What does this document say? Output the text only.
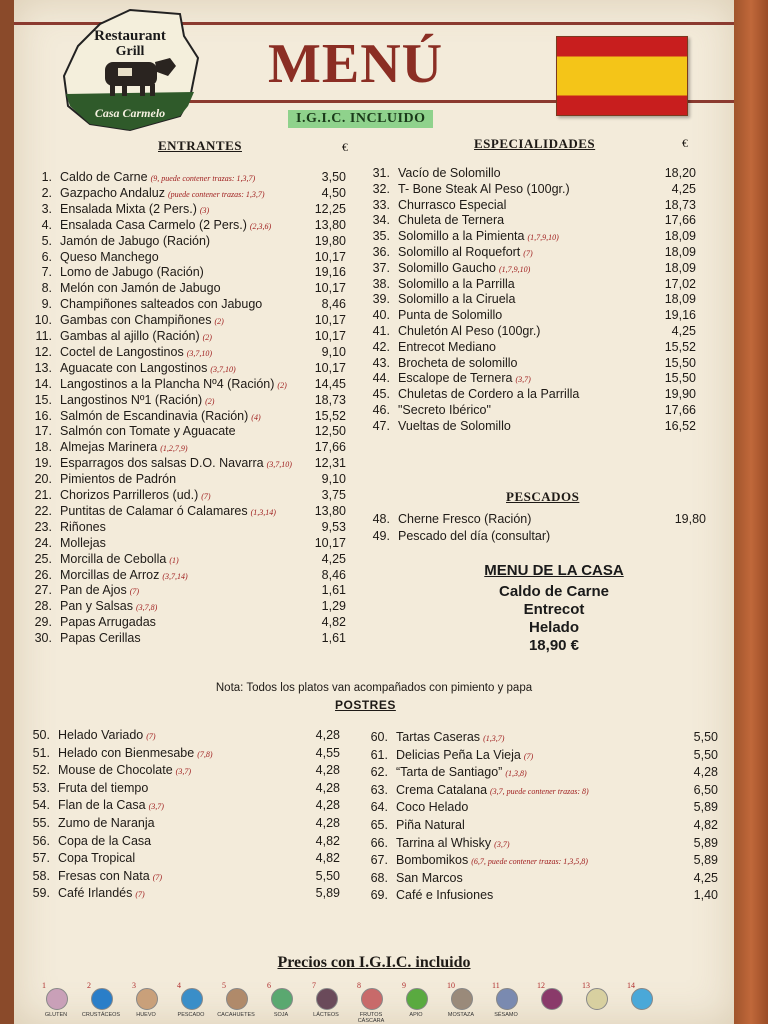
Restaurant
Grill
Casa Carmelo
MENÚ
I.G.I.C. INCLUIDO
ENTRANTES	€	ESPECIALIDADES	€
1. Caldo de Carne (9, puede contener trazas: 1,3,7)	3,50
2. Gazpacho Andaluz (puede contener trazas: 1,3,7)	4,50
3. Ensalada Mixta (2 Pers.) (3)	12,25
4. Ensalada Casa Carmelo (2 Pers.) (2,3,6)	13,80
5. Jamón de Jabugo (Ración)	19,80
6. Queso Manchego	10,17
7. Lomo de Jabugo (Ración)	19,16
8. Melón con Jamón de Jabugo	10,17
9. Champiñones salteados con Jabugo	8,46
10. Gambas con Champiñones (2)	10,17
11. Gambas al ajillo (Ración) (2)	10,17
12. Coctel de Langostinos (3,7,10)	9,10
13. Aguacate con Langostinos (3,7,10)	10,17
14. Langostinos a la Plancha Nº4 (Ración) (2)	14,45
15. Langostinos Nº1 (Ración) (2)	18,73
16. Salmón de Escandinavia (Ración) (4)	15,52
17. Salmón con Tomate y Aguacate	12,50
18. Almejas Marinera (1,2,7,9)	17,66
19. Esparragos dos salsas D.O. Navarra (3,7,10)	12,31
20. Pimientos de Padrón	9,10
21. Chorizos Parrilleros (ud.) (7)	3,75
22. Puntitas de Calamar ó Calamares (1,3,14)	13,80
23. Riñones	9,53
24. Mollejas	10,17
25. Morcilla de Cebolla (1)	4,25
26. Morcillas de Arroz (3,7,14)	8,46
27. Pan de Ajos (7)	1,61
28. Pan y Salsas (3,7,8)	1,29
29. Papas Arrugadas	4,82
30. Papas Cerillas	1,61
31. Vacío de Solomillo	18,20
32. T- Bone Steak Al Peso (100gr.)	4,25
33. Churrasco Especial	18,73
34. Chuleta de Ternera	17,66
35. Solomillo a la Pimienta (1,7,9,10)	18,09
36. Solomillo al Roquefort (7)	18,09
37. Solomillo Gaucho (1,7,9,10)	18,09
38. Solomillo a la Parrilla	17,02
39. Solomillo a la Ciruela	18,09
40. Punta de Solomillo	19,16
41. Chuletón Al Peso (100gr.)	4,25
42. Entrecot Mediano	15,52
43. Brocheta de solomillo	15,50
44. Escalope de Ternera (3,7)	15,50
45. Chuletas de Cordero a la Parrilla	19,90
46. "Secreto Ibérico"	17,66
47. Vueltas de Solomillo	16,52
PESCADOS
48. Cherne Fresco (Ración)	19,80
49. Pescado del día (consultar)
MENU DE LA CASA
Caldo de Carne
Entrecot
Helado
18,90 €
Nota: Todos los platos van acompañados con pimiento y papa
POSTRES
50. Helado Variado (7)	4,28
51. Helado con Bienmesabe (7,8)	4,55
52. Mouse de Chocolate (3,7)	4,28
53. Fruta del tiempo	4,28
54. Flan de la Casa (3,7)	4,28
55. Zumo de Naranja	4,28
56. Copa de la Casa	4,82
57. Copa Tropical	4,82
58. Fresas con Nata (7)	5,50
59. Café Irlandés (7)	5,89
60. Tartas Caseras (1,3,7)	5,50
61. Delicias Peña La Vieja (7)	5,50
62. “Tarta de Santiago” (1,3,8)	4,28
63. Crema Catalana (3,7, puede contener trazas: 8)	6,50
64. Coco Helado	5,89
65. Piña Natural	4,82
66. Tarrina al Whisky (3,7)	5,89
67. Bombomikos (6,7, puede contener trazas: 1,3,5,8)	5,89
68. San Marcos	4,25
69. Café e Infusiones	1,40
Precios con I.G.I.C. incluido
1
GLUTEN
2
CRUSTÁCEOS
3
HUEVO
4
PESCADO
5
CACAHUETES
6
SOJA
7
LÁCTEOS
8
FRUTOS CÁSCARA
9
APIO
10
MOSTAZA
11
SÉSAMO
12	13	14
